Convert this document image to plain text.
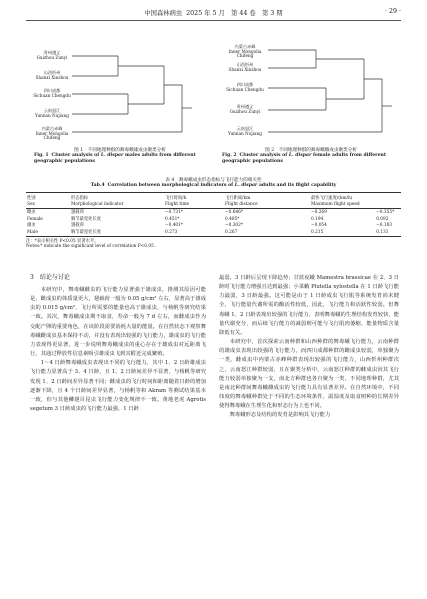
中国森林病虫 2025 年 5 月　第 44 卷　第 3 期	· 29 ·
贵州遵义
Guizhou Zunyi
山西忻州
Shanxi Xinzhou
四川成都
Sichuan Chengdu
云南怒江
Yunnan Nujiang
内蒙古赤峰
Inner Mongolia Chifeng
内蒙古赤峰
Inner Mongolia Chifeng
山西忻州
Shanxi Xinzhou
四川成都
Sichuan Chengdu
贵州遵义
Guizhou Zunyi
云南怒江
Yunnan Nujiang
图 1　不同地理种群的舞毒蛾雄成虫聚类分析
Fig. 1 Cluster analysis of L. dispar males adults from different geographic populations
图 2　不同地理种群的舞毒蛾雌成虫聚类分析
Fig. 2 Cluster analysis of L. dispar female adults from different geographic populations
表 4　舞毒蛾成虫形态指标与飞行能力的相关性
Tab.4 Correlation between morphological indicators of L. dispar adults and its flight capability
性别	形态指标	飞行时间/h	飞行距离/km	最快飞行速度/(km/h)	
Sex	Morphological indicator	Flight time	Flight distance	Maximum flight speed	
雌虫	翅载荷	−0.731*	−0.646*	−0.269	−0.355*
Female	胸节最宽处长度	0.451*	0.485*	0.194	0.092
雄虫	翅载荷	−0.401*	−0.302*	−0.054	−0.183
Male	胸节最宽处长度	0.273	0.267	0.215	0.131
注：*表示相关性 P<0.05 显著水平。
Notes:* indicate the significant level of correlation P<0.05 .
3　结论与讨论

本研究中，舞毒蛾雌虫的飞行能力显著强于雄成虫，推测其原因可能是，雌成虫的体质量更大，翅载荷一般为 0.05 g/cm² 左右，显著高于雄成虫的 0.015 g/cm²，飞行所需要的能量也高于雄成虫，与杨帆等研究结果一致。其次，舞毒蛾成虫期不取食，寿命一般为 7 d 左右，而雌成虫作为交配产卵的重要角色，在该阶段需要消耗大量的能量。在自然状态下观察舞毒蛾雌成虫基本保持不动，并没有表现出较强的飞行能力，雄成虫的飞行能力表现得更显著，进一步说明舞毒蛾成虫的重心存在于雄成虫对远距离飞行，其通过释放性信息素吸引雄成虫飞到其附近完成繁殖。

1～4 日龄舞毒蛾成虫表现出不同的飞行能力，其中 1、2 日龄雄成虫飞行能力显著高于 3、4 日龄，且 1、2 日龄间差异不显著，与杨帆等研究发现 1、2 日龄间差异显著不同；雌成虫的飞行时间和距离随着日龄的增加逐渐下降，且 4 个日龄间差异显著，与杨帆等和 Akram 等测试结果基本一致，但与其他鳞翅目昆虫飞行能力变化规律不一致。黄地老虎 Agrotis segetum 3 日龄成虫的飞行能力最强，1 日龄

最弱，3 日龄后呈现下降趋势；甘蓝夜蛾 Mamestra brassicae 在 2、3 日龄时飞行能力增强且达到最强；小菜蛾 Plutella xylostella 在 1 日龄飞行能力最弱，3 日龄最强。这可能是由于 1 日龄成虫飞行肌等系统发育尚未健全，飞行能量代谢所需的酶活性较低，因此，飞行能力和活跃性较弱。但舞毒蛾 1、2 日龄表现出较强的飞行能力，表明舞毒蛾的生理结构发育较快，能量代谢充分，而后续飞行能力的减弱则可能与飞行肌肉萎缩、能量物质含量降低有关。

本研究中，首次探索云南种群和山西种群的舞毒蛾飞行能力，云南种群的雄成虫表现出较强的飞行能力，而四川成都种群的雌成虫较弱，单独聚为一类，雌成虫中内蒙古赤峰种群表现出较强的飞行能力，山西忻州种群次之，云南怒江种群较弱，且在聚类分析中，云南怒江种群的雌成虫因其飞行能力较弱单独聚为一支，南北方种群也各自聚为一类，不同地理种群，尤其是南北种群间舞毒蛾雌成虫的飞行能力具有显著差异。在自然环境中，不同纬度的舞毒蛾种群处于不同的生态环境条件，温湿度及取食树种的长期差异使得舞毒蛾在生理生化和形态行为上也不同。

舞毒蛾形态及结构的发育是影响其飞行能力
